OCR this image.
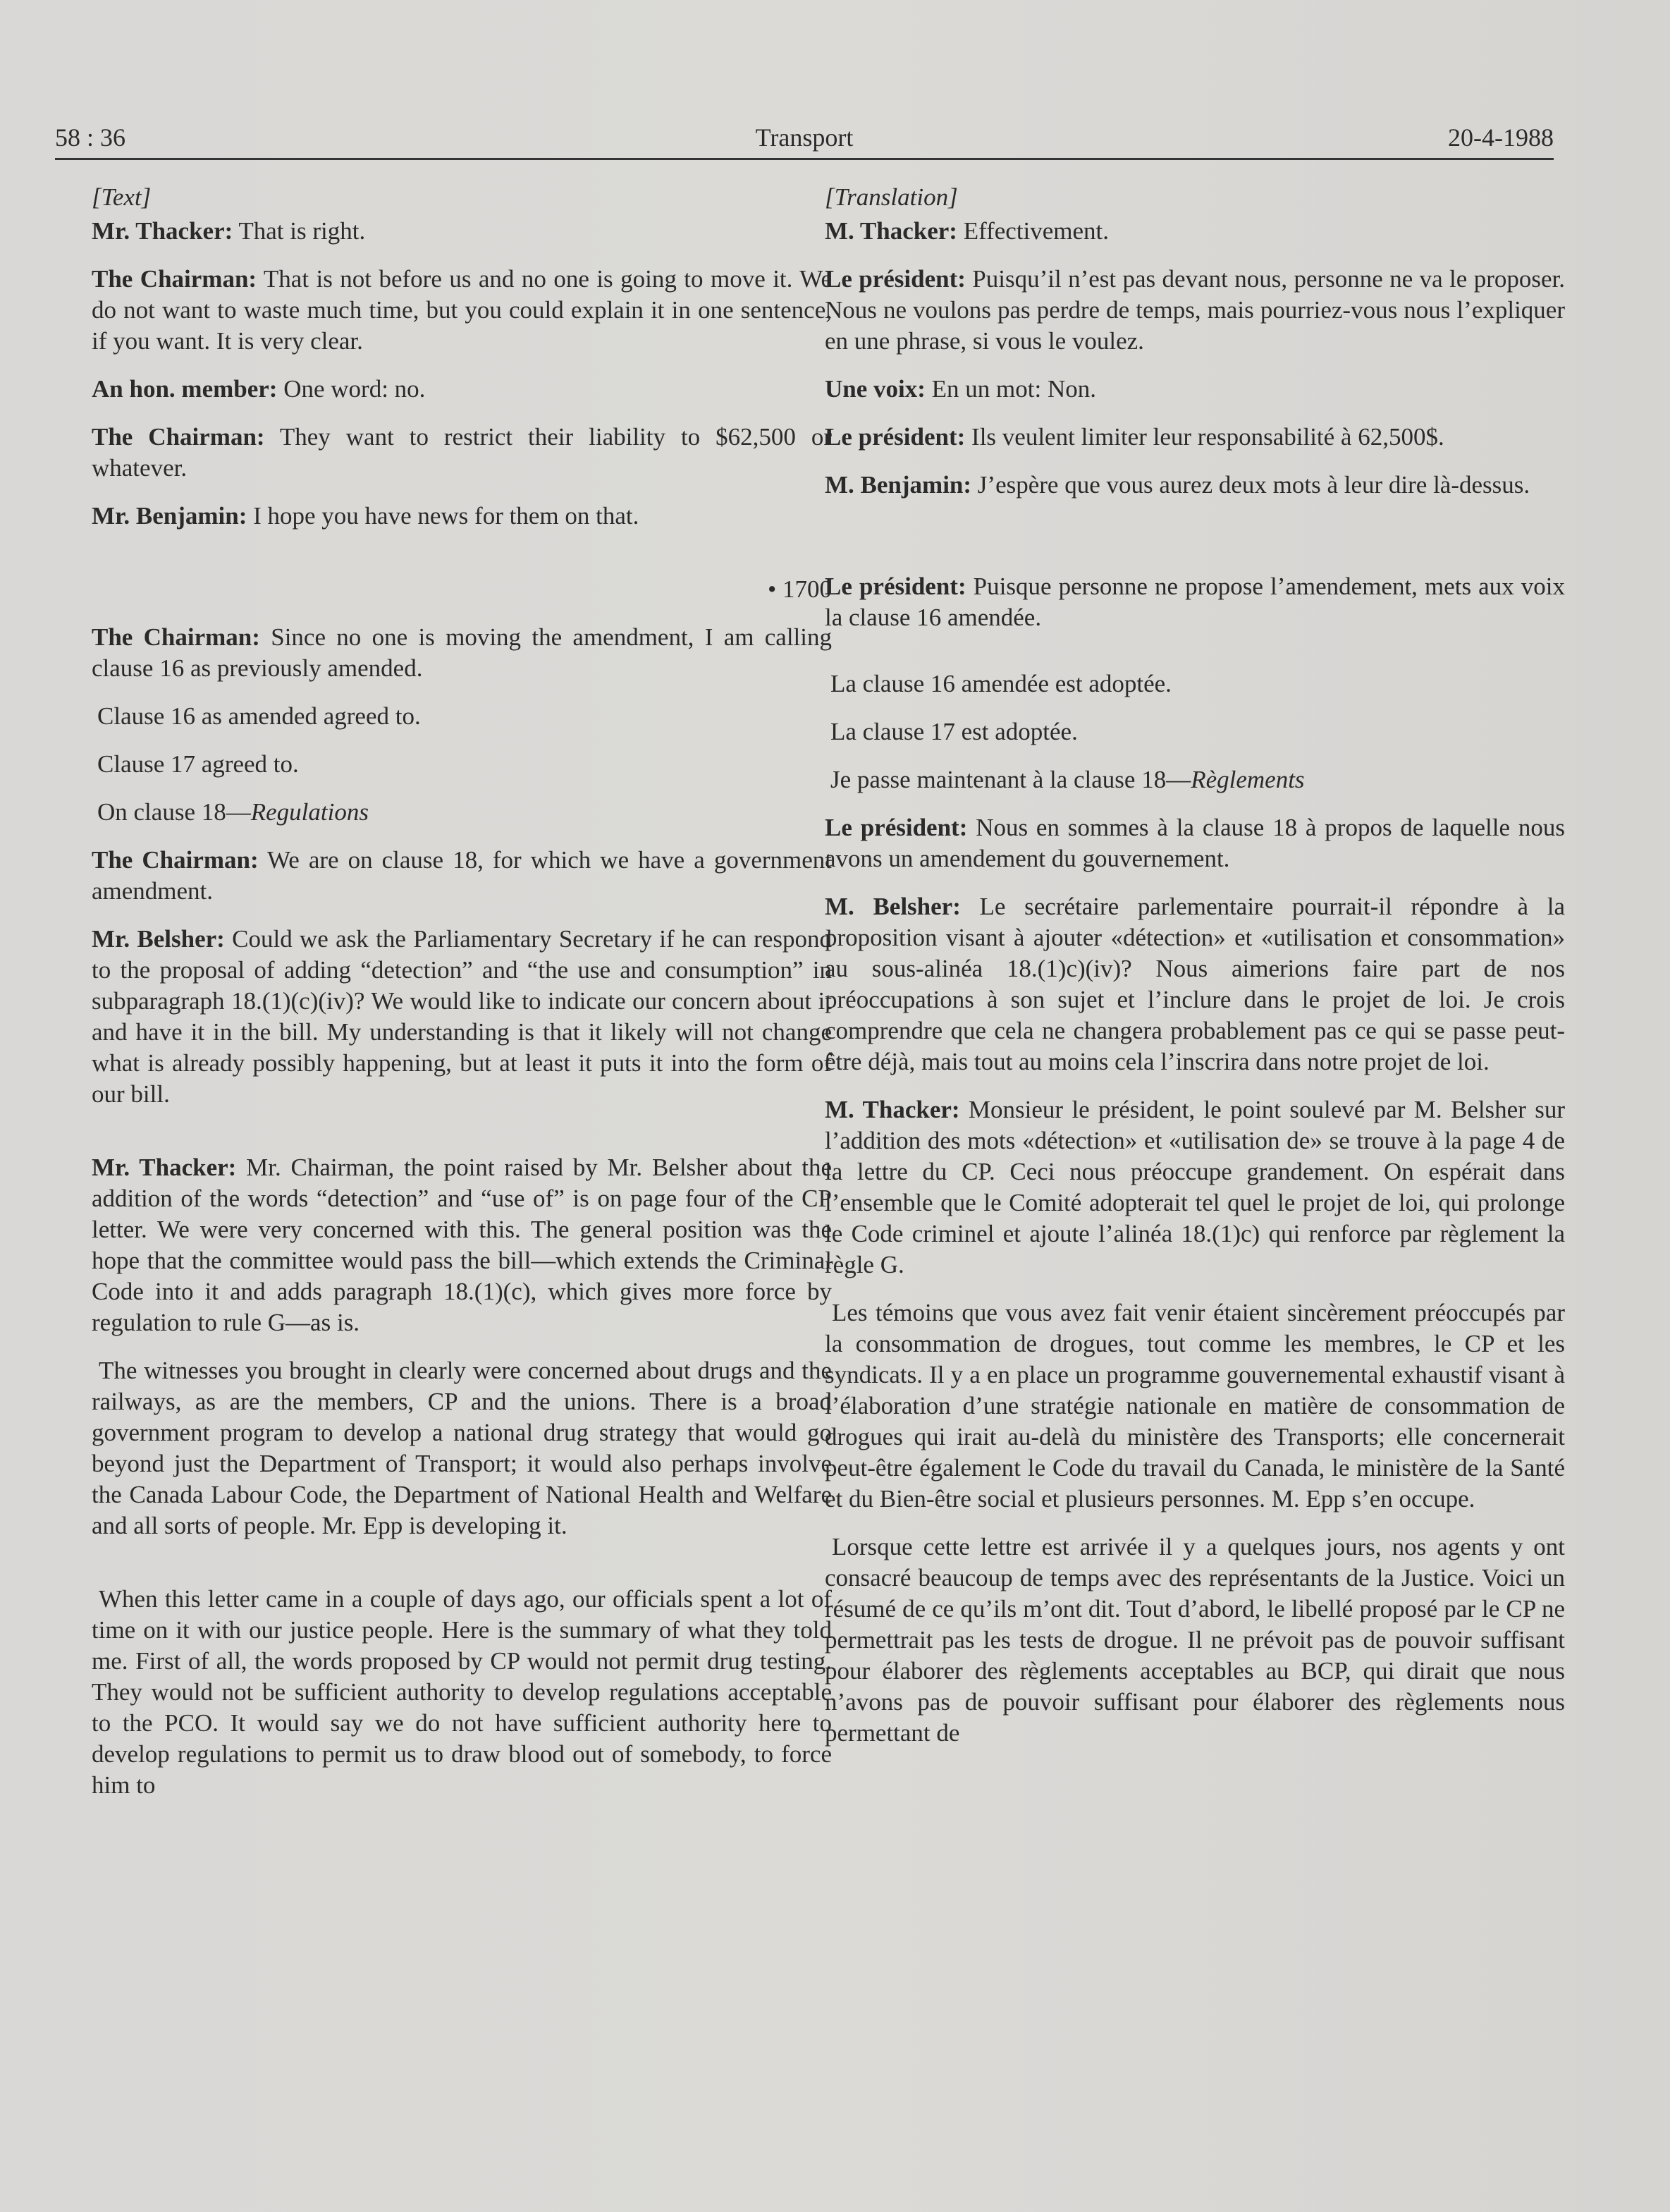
58 : 36	Transport	20-4-1988

[Text]

Mr. Thacker: That is right.

The Chairman: That is not before us and no one is going to move it. We do not want to waste much time, but you could explain it in one sentence, if you want. It is very clear.

An hon. member: One word: no.

The Chairman: They want to restrict their liability to $62,500 or whatever.

Mr. Benjamin: I hope you have news for them on that.

• 1700

The Chairman: Since no one is moving the amendment, I am calling clause 16 as previously amended.

Clause 16 as amended agreed to.

Clause 17 agreed to.

On clause 18—Regulations

The Chairman: We are on clause 18, for which we have a government amendment.

Mr. Belsher: Could we ask the Parliamentary Secretary if he can respond to the proposal of adding “detection” and “the use and consumption” in subparagraph 18.(1)(c)(iv)? We would like to indicate our concern about it and have it in the bill. My understanding is that it likely will not change what is already possibly happening, but at least it puts it into the form of our bill.

Mr. Thacker: Mr. Chairman, the point raised by Mr. Belsher about the addition of the words “detection” and “use of” is on page four of the CP letter. We were very concerned with this. The general position was the hope that the committee would pass the bill—which extends the Criminal Code into it and adds paragraph 18.(1)(c), which gives more force by regulation to rule G—as is.

The witnesses you brought in clearly were concerned about drugs and the railways, as are the members, CP and the unions. There is a broad government program to develop a national drug strategy that would go beyond just the Department of Transport; it would also perhaps involve the Canada Labour Code, the Department of National Health and Welfare and all sorts of people. Mr. Epp is developing it.

When this letter came in a couple of days ago, our officials spent a lot of time on it with our justice people. Here is the summary of what they told me. First of all, the words proposed by CP would not permit drug testing. They would not be sufficient authority to develop regulations acceptable to the PCO. It would say we do not have sufficient authority here to develop regulations to permit us to draw blood out of somebody, to force him to

[Translation]

M. Thacker: Effectivement.

Le président: Puisqu’il n’est pas devant nous, personne ne va le proposer. Nous ne voulons pas perdre de temps, mais pourriez-vous nous l’expliquer en une phrase, si vous le voulez.

Une voix: En un mot: Non.

Le président: Ils veulent limiter leur responsabilité à 62,500$.

M. Benjamin: J’espère que vous aurez deux mots à leur dire là-dessus.

Le président: Puisque personne ne propose l’amendement, mets aux voix la clause 16 amendée.

La clause 16 amendée est adoptée.

La clause 17 est adoptée.

Je passe maintenant à la clause 18—Règlements

Le président: Nous en sommes à la clause 18 à propos de laquelle nous avons un amendement du gouvernement.

M. Belsher: Le secrétaire parlementaire pourrait-il répondre à la proposition visant à ajouter «détection» et «utilisation et consommation» au sous-alinéa 18.(1)c)(iv)? Nous aimerions faire part de nos préoccupations à son sujet et l’inclure dans le projet de loi. Je crois comprendre que cela ne changera probablement pas ce qui se passe peut-être déjà, mais tout au moins cela l’inscrira dans notre projet de loi.

M. Thacker: Monsieur le président, le point soulevé par M. Belsher sur l’addition des mots «détection» et «utilisation de» se trouve à la page 4 de la lettre du CP. Ceci nous préoccupe grandement. On espérait dans l’ensemble que le Comité adopterait tel quel le projet de loi, qui prolonge le Code criminel et ajoute l’alinéa 18.(1)c) qui renforce par règlement la règle G.

Les témoins que vous avez fait venir étaient sincèrement préoccupés par la consommation de drogues, tout comme les membres, le CP et les syndicats. Il y a en place un programme gouvernemental exhaustif visant à l’élaboration d’une stratégie nationale en matière de consommation de drogues qui irait au-delà du ministère des Transports; elle concernerait peut-être également le Code du travail du Canada, le ministère de la Santé et du Bien-être social et plusieurs personnes. M. Epp s’en occupe.

Lorsque cette lettre est arrivée il y a quelques jours, nos agents y ont consacré beaucoup de temps avec des représentants de la Justice. Voici un résumé de ce qu’ils m’ont dit. Tout d’abord, le libellé proposé par le CP ne permettrait pas les tests de drogue. Il ne prévoit pas de pouvoir suffisant pour élaborer des règlements acceptables au BCP, qui dirait que nous n’avons pas de pouvoir suffisant pour élaborer des règlements nous permettant de
